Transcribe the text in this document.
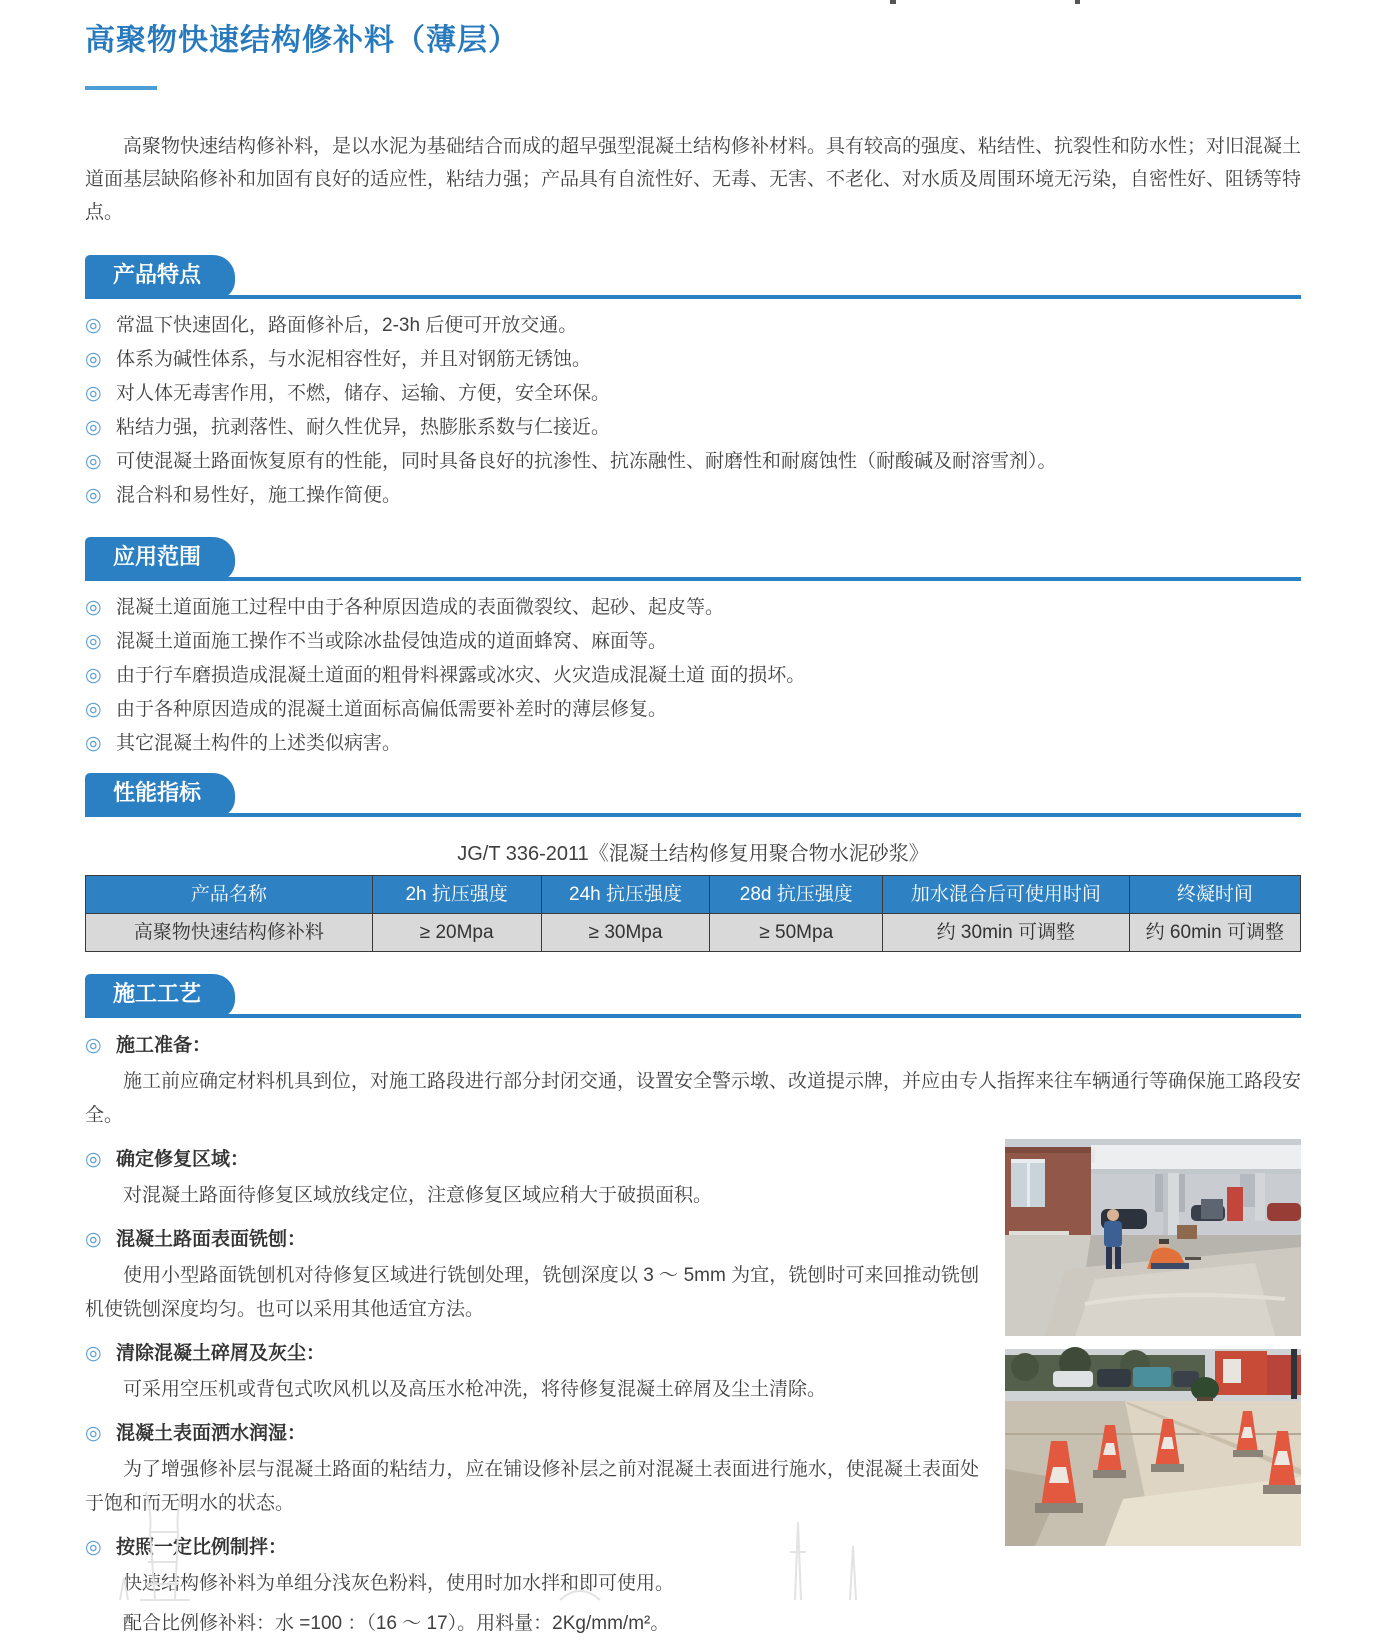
高聚物快速结构修补料（薄层）

高聚物快速结构修补料，是以水泥为基础结合而成的超早强型混凝土结构修补材料。具有较高的强度、粘结性、抗裂性和防水性；对旧混凝土道面基层缺陷修补和加固有良好的适应性，粘结力强；产品具有自流性好、无毒、无害、不老化、对水质及周围环境无污染，自密性好、阻锈等特点。

产品特点
◎ 常温下快速固化，路面修补后，2-3h 后便可开放交通。
◎ 体系为碱性体系，与水泥相容性好，并且对钢筋无锈蚀。
◎ 对人体无毒害作用，不燃，储存、运输、方便，安全环保。
◎ 粘结力强，抗剥落性、耐久性优异，热膨胀系数与仁接近。
◎ 可使混凝土路面恢复原有的性能，同时具备良好的抗渗性、抗冻融性、耐磨性和耐腐蚀性（耐酸碱及耐溶雪剂）。
◎ 混合料和易性好，施工操作简便。
应用范围
◎ 混凝土道面施工过程中由于各种原因造成的表面微裂纹、起砂、起皮等。
◎ 混凝土道面施工操作不当或除冰盐侵蚀造成的道面蜂窝、麻面等。
◎ 由于行车磨损造成混凝土道面的粗骨料裸露或冰灾、火灾造成混凝土道 面的损坏。
◎ 由于各种原因造成的混凝土道面标高偏低需要补差时的薄层修复。
◎ 其它混凝土构件的上述类似病害。
性能指标
JG/T 336-2011《混凝土结构修复用聚合物水泥砂浆》
产品名称	2h 抗压强度	24h 抗压强度	28d 抗压强度	加水混合后可使用时间	终凝时间
高聚物快速结构修补料	≥ 20Mpa	≥ 30Mpa	≥ 50Mpa	约 30min 可调整	约 60min 可调整
施工工艺
◎ 施工准备：

施工前应确定材料机具到位，对施工路段进行部分封闭交通，设置安全警示墩、改道提示牌，并应由专人指挥来往车辆通行等确保施工路段安全。

◎ 确定修复区域：

对混凝土路面待修复区域放线定位，注意修复区域应稍大于破损面积。

◎ 混凝土路面表面铣刨：

使用小型路面铣刨机对待修复区域进行铣刨处理，铣刨深度以 3 ～ 5mm 为宜，铣刨时可来回推动铣刨机使铣刨深度均匀。也可以采用其他适宜方法。

◎ 清除混凝土碎屑及灰尘：

可采用空压机或背包式吹风机以及高压水枪冲洗，将待修复混凝土碎屑及尘土清除。

◎ 混凝土表面洒水润湿：

为了增强修补层与混凝土路面的粘结力，应在铺设修补层之前对混凝土表面进行施水，使混凝土表面处于饱和而无明水的状态。

◎ 按照一定比例制拌：

快速结构修补料为单组分浅灰色粉料，使用时加水拌和即可使用。

配合比例修补料：水 =100 ：（16 ～ 17）。用料量：2Kg/mm/m²。
